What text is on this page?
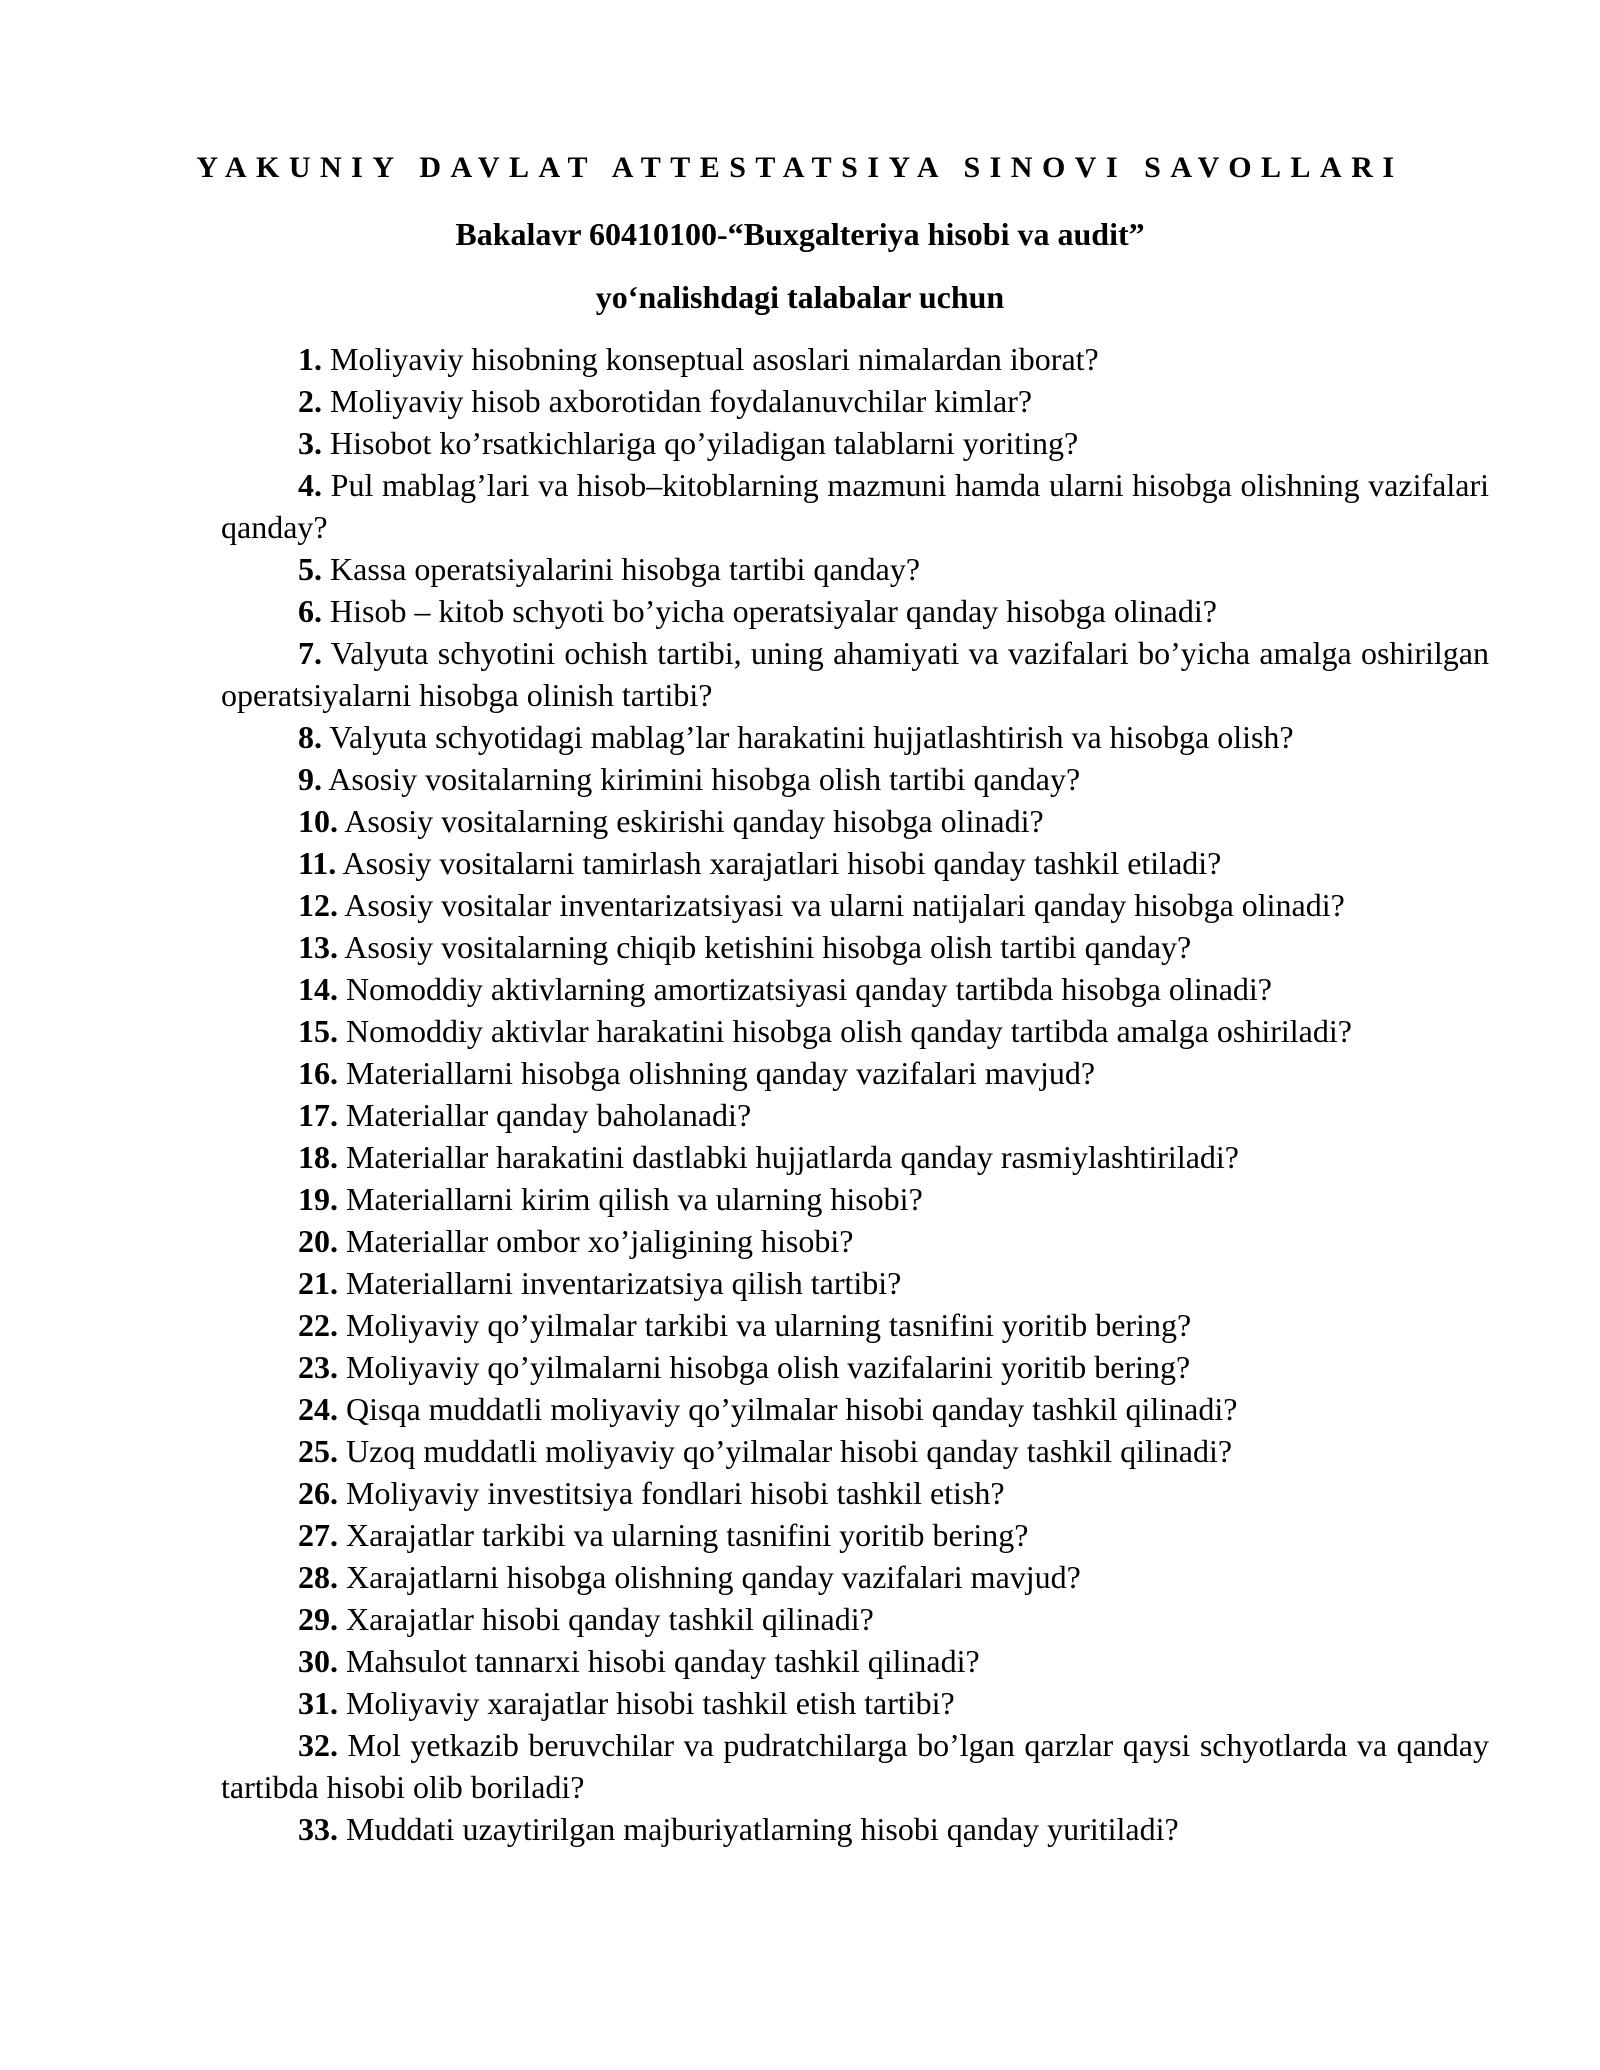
YAKUNIY DAVLAT ATTESTATSIYA SINOVI SAVOLLARI
Bakalavr 60410100-“Buxgalteriya hisobi va audit”
yo‘nalishdagi talabalar uchun

1. Moliyaviy hisobning konseptual asoslari nimalardan iborat?

2. Moliyaviy hisob axborotidan foydalanuvchilar kimlar?

3. Hisobot ko’rsatkichlariga qo’yiladigan talablarni yoriting?

4. Pul mablag’lari va hisob–kitoblarning mazmuni hamda ularni hisobga olishning vazifalari qanday?

5. Kassa operatsiyalarini hisobga tartibi qanday?

6. Hisob – kitob schyoti bo’yicha operatsiyalar qanday hisobga olinadi?

7. Valyuta schyotini ochish tartibi, uning ahamiyati va vazifalari bo’yicha amalga oshirilgan operatsiyalarni hisobga olinish tartibi?

8. Valyuta schyotidagi mablag’lar harakatini hujjatlashtirish va hisobga olish?

9. Asosiy vositalarning kirimini hisobga olish tartibi qanday?

10. Asosiy vositalarning eskirishi qanday hisobga olinadi?

11. Asosiy vositalarni tamirlash xarajatlari hisobi qanday tashkil etiladi?

12. Asosiy vositalar inventarizatsiyasi va ularni natijalari qanday hisobga olinadi?

13. Asosiy vositalarning chiqib ketishini hisobga olish tartibi qanday?

14. Nomoddiy aktivlarning amortizatsiyasi qanday tartibda hisobga olinadi?

15. Nomoddiy aktivlar harakatini hisobga olish qanday tartibda amalga oshiriladi?

16. Materiallarni hisobga olishning qanday vazifalari mavjud?

17. Materiallar qanday baholanadi?

18. Materiallar harakatini dastlabki hujjatlarda qanday rasmiylashtiriladi?

19. Materiallarni kirim qilish va ularning hisobi?

20. Materiallar ombor xo’jaligining hisobi?

21. Materiallarni inventarizatsiya qilish tartibi?

22. Moliyaviy qo’yilmalar tarkibi va ularning tasnifini yoritib bering?

23. Moliyaviy qo’yilmalarni hisobga olish vazifalarini yoritib bering?

24. Qisqa muddatli moliyaviy qo’yilmalar hisobi qanday tashkil qilinadi?

25. Uzoq muddatli moliyaviy qo’yilmalar hisobi qanday tashkil qilinadi?

26. Moliyaviy investitsiya fondlari hisobi tashkil etish?

27. Xarajatlar tarkibi va ularning tasnifini yoritib bering?

28. Xarajatlarni hisobga olishning qanday vazifalari mavjud?

29. Xarajatlar hisobi qanday tashkil qilinadi?

30. Mahsulot tannarxi hisobi qanday tashkil qilinadi?

31. Moliyaviy xarajatlar hisobi tashkil etish tartibi?

32. Mol yetkazib beruvchilar va pudratchilarga bo’lgan qarzlar qaysi schyotlarda va qanday tartibda hisobi olib boriladi?

33. Muddati uzaytirilgan majburiyatlarning hisobi qanday yuritiladi?
